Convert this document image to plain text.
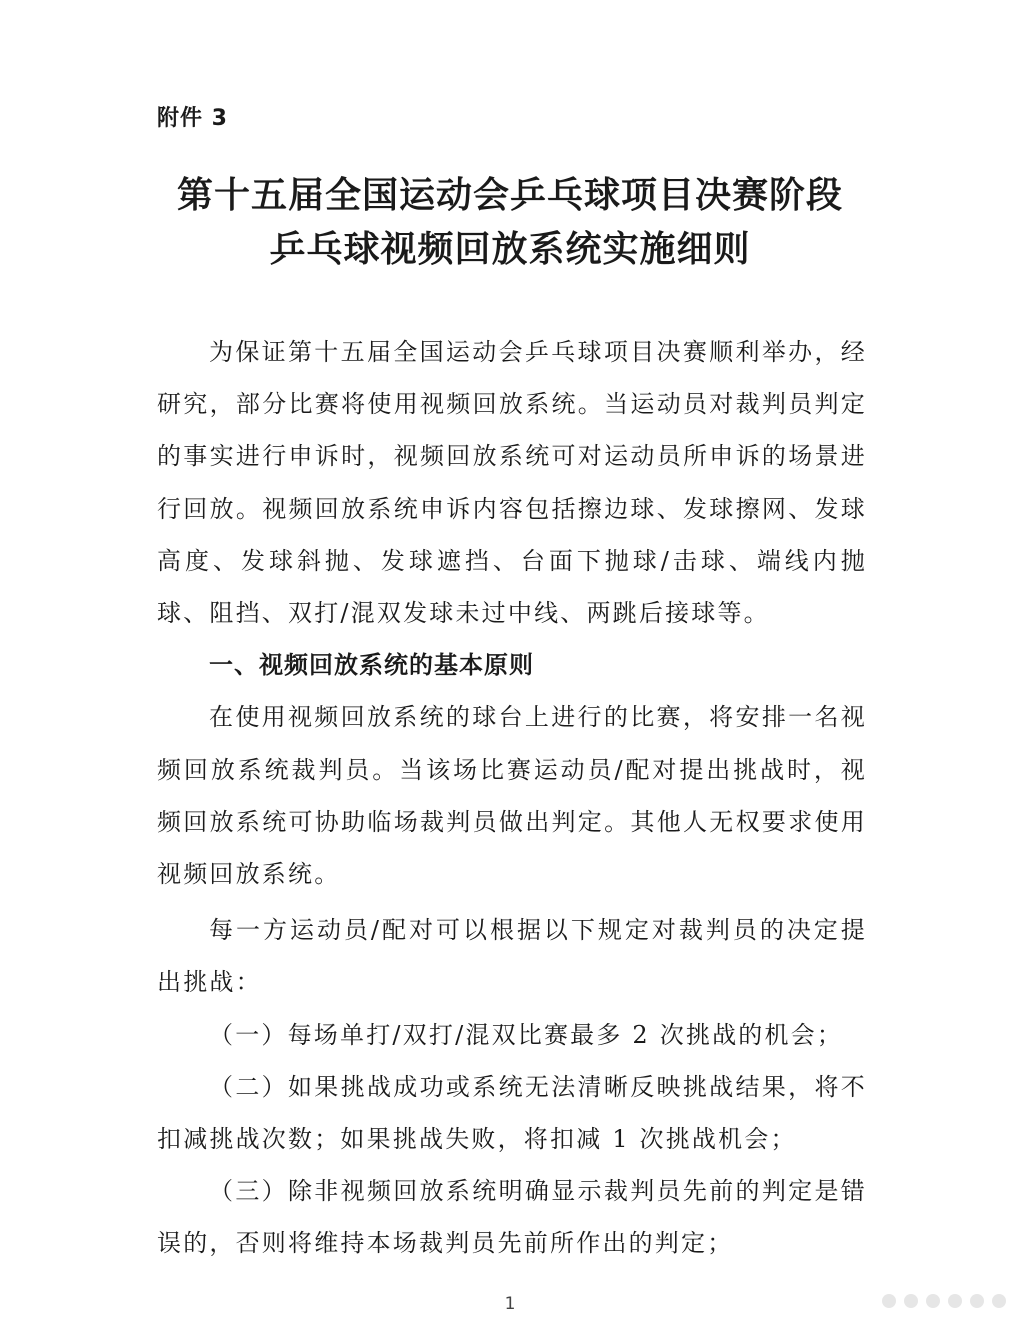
附件 3
第十五届全国运动会乒乓球项目决赛阶段
乒乓球视频回放系统实施细则

为保证第十五届全国运动会乒乓球项目决赛顺利举办，经研究，部分比赛将使用视频回放系统。当运动员对裁判员判定的事实进行申诉时，视频回放系统可对运动员所申诉的场景进行回放。视频回放系统申诉内容包括擦边球、发球擦网、发球高度、发球斜抛、发球遮挡、台面下抛球/击球、端线内抛球、阻挡、双打/混双发球未过中线、两跳后接球等。

一、视频回放系统的基本原则

在使用视频回放系统的球台上进行的比赛，将安排一名视频回放系统裁判员。当该场比赛运动员/配对提出挑战时，视频回放系统可协助临场裁判员做出判定。其他人无权要求使用视频回放系统。

每一方运动员/配对可以根据以下规定对裁判员的决定提出挑战：

（一）每场单打/双打/混双比赛最多 2 次挑战的机会；

（二）如果挑战成功或系统无法清晰反映挑战结果，将不扣减挑战次数；如果挑战失败，将扣减 1 次挑战机会；

（三）除非视频回放系统明确显示裁判员先前的判定是错误的，否则将维持本场裁判员先前所作出的判定；

1
